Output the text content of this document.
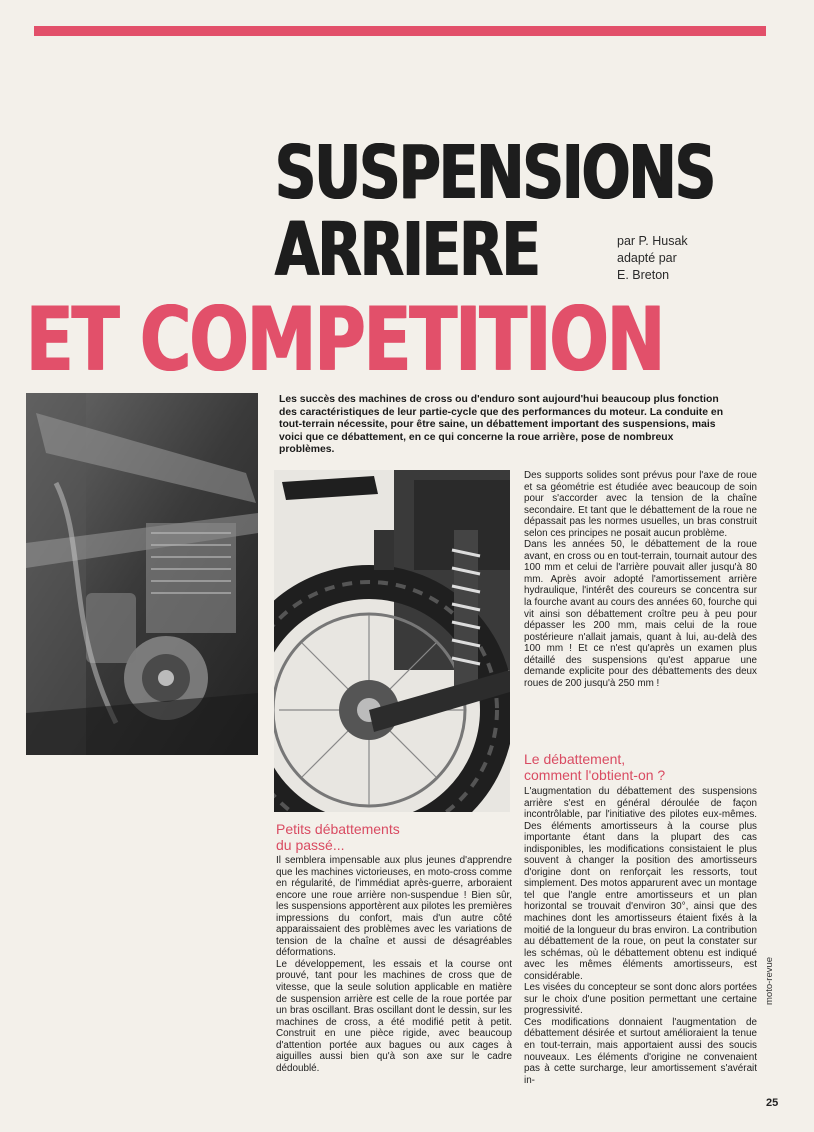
SUSPENSIONS
ARRIERE
ET COMPETITION
par P. Husak
adapté par
E. Breton
Les succès des machines de cross ou d'enduro sont aujourd'hui beaucoup plus fonction des caractéristiques de leur partie-cycle que des performances du moteur. La conduite en tout-terrain nécessite, pour être saine, un débattement important des suspensions, mais voici que ce débattement, en ce qui concerne la roue arrière, pose de nombreux problèmes.
Petits débattements
du passé...

Il semblera impensable aux plus jeunes d'apprendre que les machines victorieuses, en moto-cross comme en régularité, de l'immédiat après-guerre, arboraient encore une roue arrière non-suspendue ! Bien sûr, les suspensions apportèrent aux pilotes les premières impressions du confort, mais d'un autre côté apparaissaient des problèmes avec les variations de tension de la chaîne et aussi de désagréables déformations.

Le développement, les essais et la course ont prouvé, tant pour les machines de cross que de vitesse, que la seule solution applicable en matière de suspension arrière est celle de la roue portée par un bras oscillant. Bras oscillant dont le dessin, sur les machines de cross, a été modifié petit à petit. Construit en une pièce rigide, avec beaucoup d'attention portée aux bagues ou aux cages à aiguilles aussi bien qu'à son axe sur le cadre dédoublé.

Des supports solides sont prévus pour l'axe de roue et sa géométrie est étudiée avec beaucoup de soin pour s'accorder avec la tension de la chaîne secondaire. Et tant que le débattement de la roue ne dépassait pas les normes usuelles, un bras construit selon ces principes ne posait aucun problème.

Dans les années 50, le débattement de la roue avant, en cross ou en tout-terrain, tournait autour des 100 mm et celui de l'arrière pouvait aller jusqu'à 80 mm. Après avoir adopté l'amortissement arrière hydraulique, l'intérêt des coureurs se concentra sur la fourche avant au cours des années 60, fourche qui vit ainsi son débattement croître peu à peu pour dépasser les 200 mm, mais celui de la roue postérieure n'allait jamais, quant à lui, au-delà des 100 mm ! Et ce n'est qu'après un examen plus détaillé des suspensions qu'est apparue une demande explicite pour des débattements des deux roues de 200 jusqu'à 250 mm !

Le débattement,
comment l'obtient-on ?

L'augmentation du débattement des suspensions arrière s'est en général déroulée de façon incontrôlable, par l'initiative des pilotes eux-mêmes. Des éléments amortisseurs à la course plus importante étant dans la plupart des cas indisponibles, les modifications consistaient le plus souvent à changer la position des amortisseurs d'origine dont on renforçait les ressorts, tout simplement. Des motos apparurent avec un montage tel que l'angle entre amortisseurs et un plan horizontal se trouvait d'environ 30°, ainsi que des machines dont les amortisseurs étaient fixés à la moitié de la longueur du bras environ. La contribution au débattement de la roue, on peut la constater sur les schémas, où le débattement obtenu est indiqué avec les mêmes éléments amortisseurs, est considérable.

Les visées du concepteur se sont donc alors portées sur le choix d'une position permettant une certaine progressivité.

Ces modifications donnaient l'augmentation de débattement désirée et surtout amélioraient la tenue en tout-terrain, mais apportaient aussi des soucis nouveaux. Les éléments d'origine ne convenaient pas à cette surcharge, leur amortissement s'avérait in-

moto-revue
25
